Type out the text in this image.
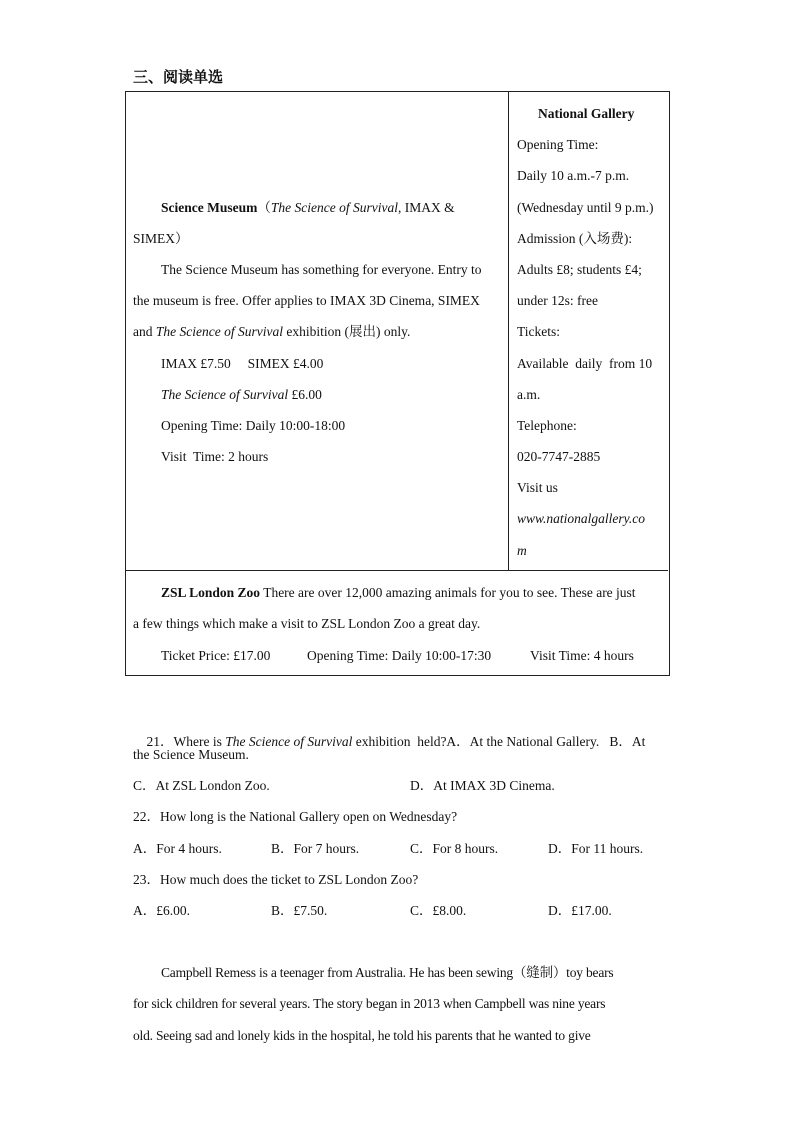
三、阅读单选
Science Museum（The Science of Survival, IMAX &
SIMEX）
The Science Museum has something for everyone. Entry to
the museum is free. Offer applies to IMAX 3D Cinema, SIMEX
and The Science of Survival exhibition (展出) only.
IMAX £7.50     SIMEX £4.00
The Science of Survival £6.00
Opening Time: Daily 10:00-18:00
Visit  Time: 2 hours
National Gallery
Opening Time:
Daily 10 a.m.-7 p.m.
(Wednesday until 9 p.m.)
Admission (入场费):
Adults £8; students £4;
under 12s: free
Tickets:
Available  daily  from 10
a.m.
Telephone:
020-7747-2885
Visit us
www.nationalgallery.co
m
ZSL London Zoo There are over 12,000 amazing animals for you to see. These are just
a few things which make a visit to ZSL London Zoo a great day.
Ticket Price: £17.00	Opening Time: Daily 10:00-17:30	Visit Time: 4 hours

21．Where is The Science of Survival exhibition  held?A．At the National Gallery.   B．At

the Science Museum.
C．At ZSL London Zoo.	D．At IMAX 3D Cinema.
22．How long is the National Gallery open on Wednesday?
A．For 4 hours.	B．For 7 hours.	C．For 8 hours.	D．For 11 hours.
23．How much does the ticket to ZSL London Zoo?
A．£6.00.	B．£7.50.	C．£8.00.	D．£17.00.
Campbell Remess is a teenager from Australia. He has been sewing（缝制）toy bears
for sick children for several years. The story began in 2013 when Campbell was nine years
old. Seeing sad and lonely kids in the hospital, he told his parents that he wanted to give
